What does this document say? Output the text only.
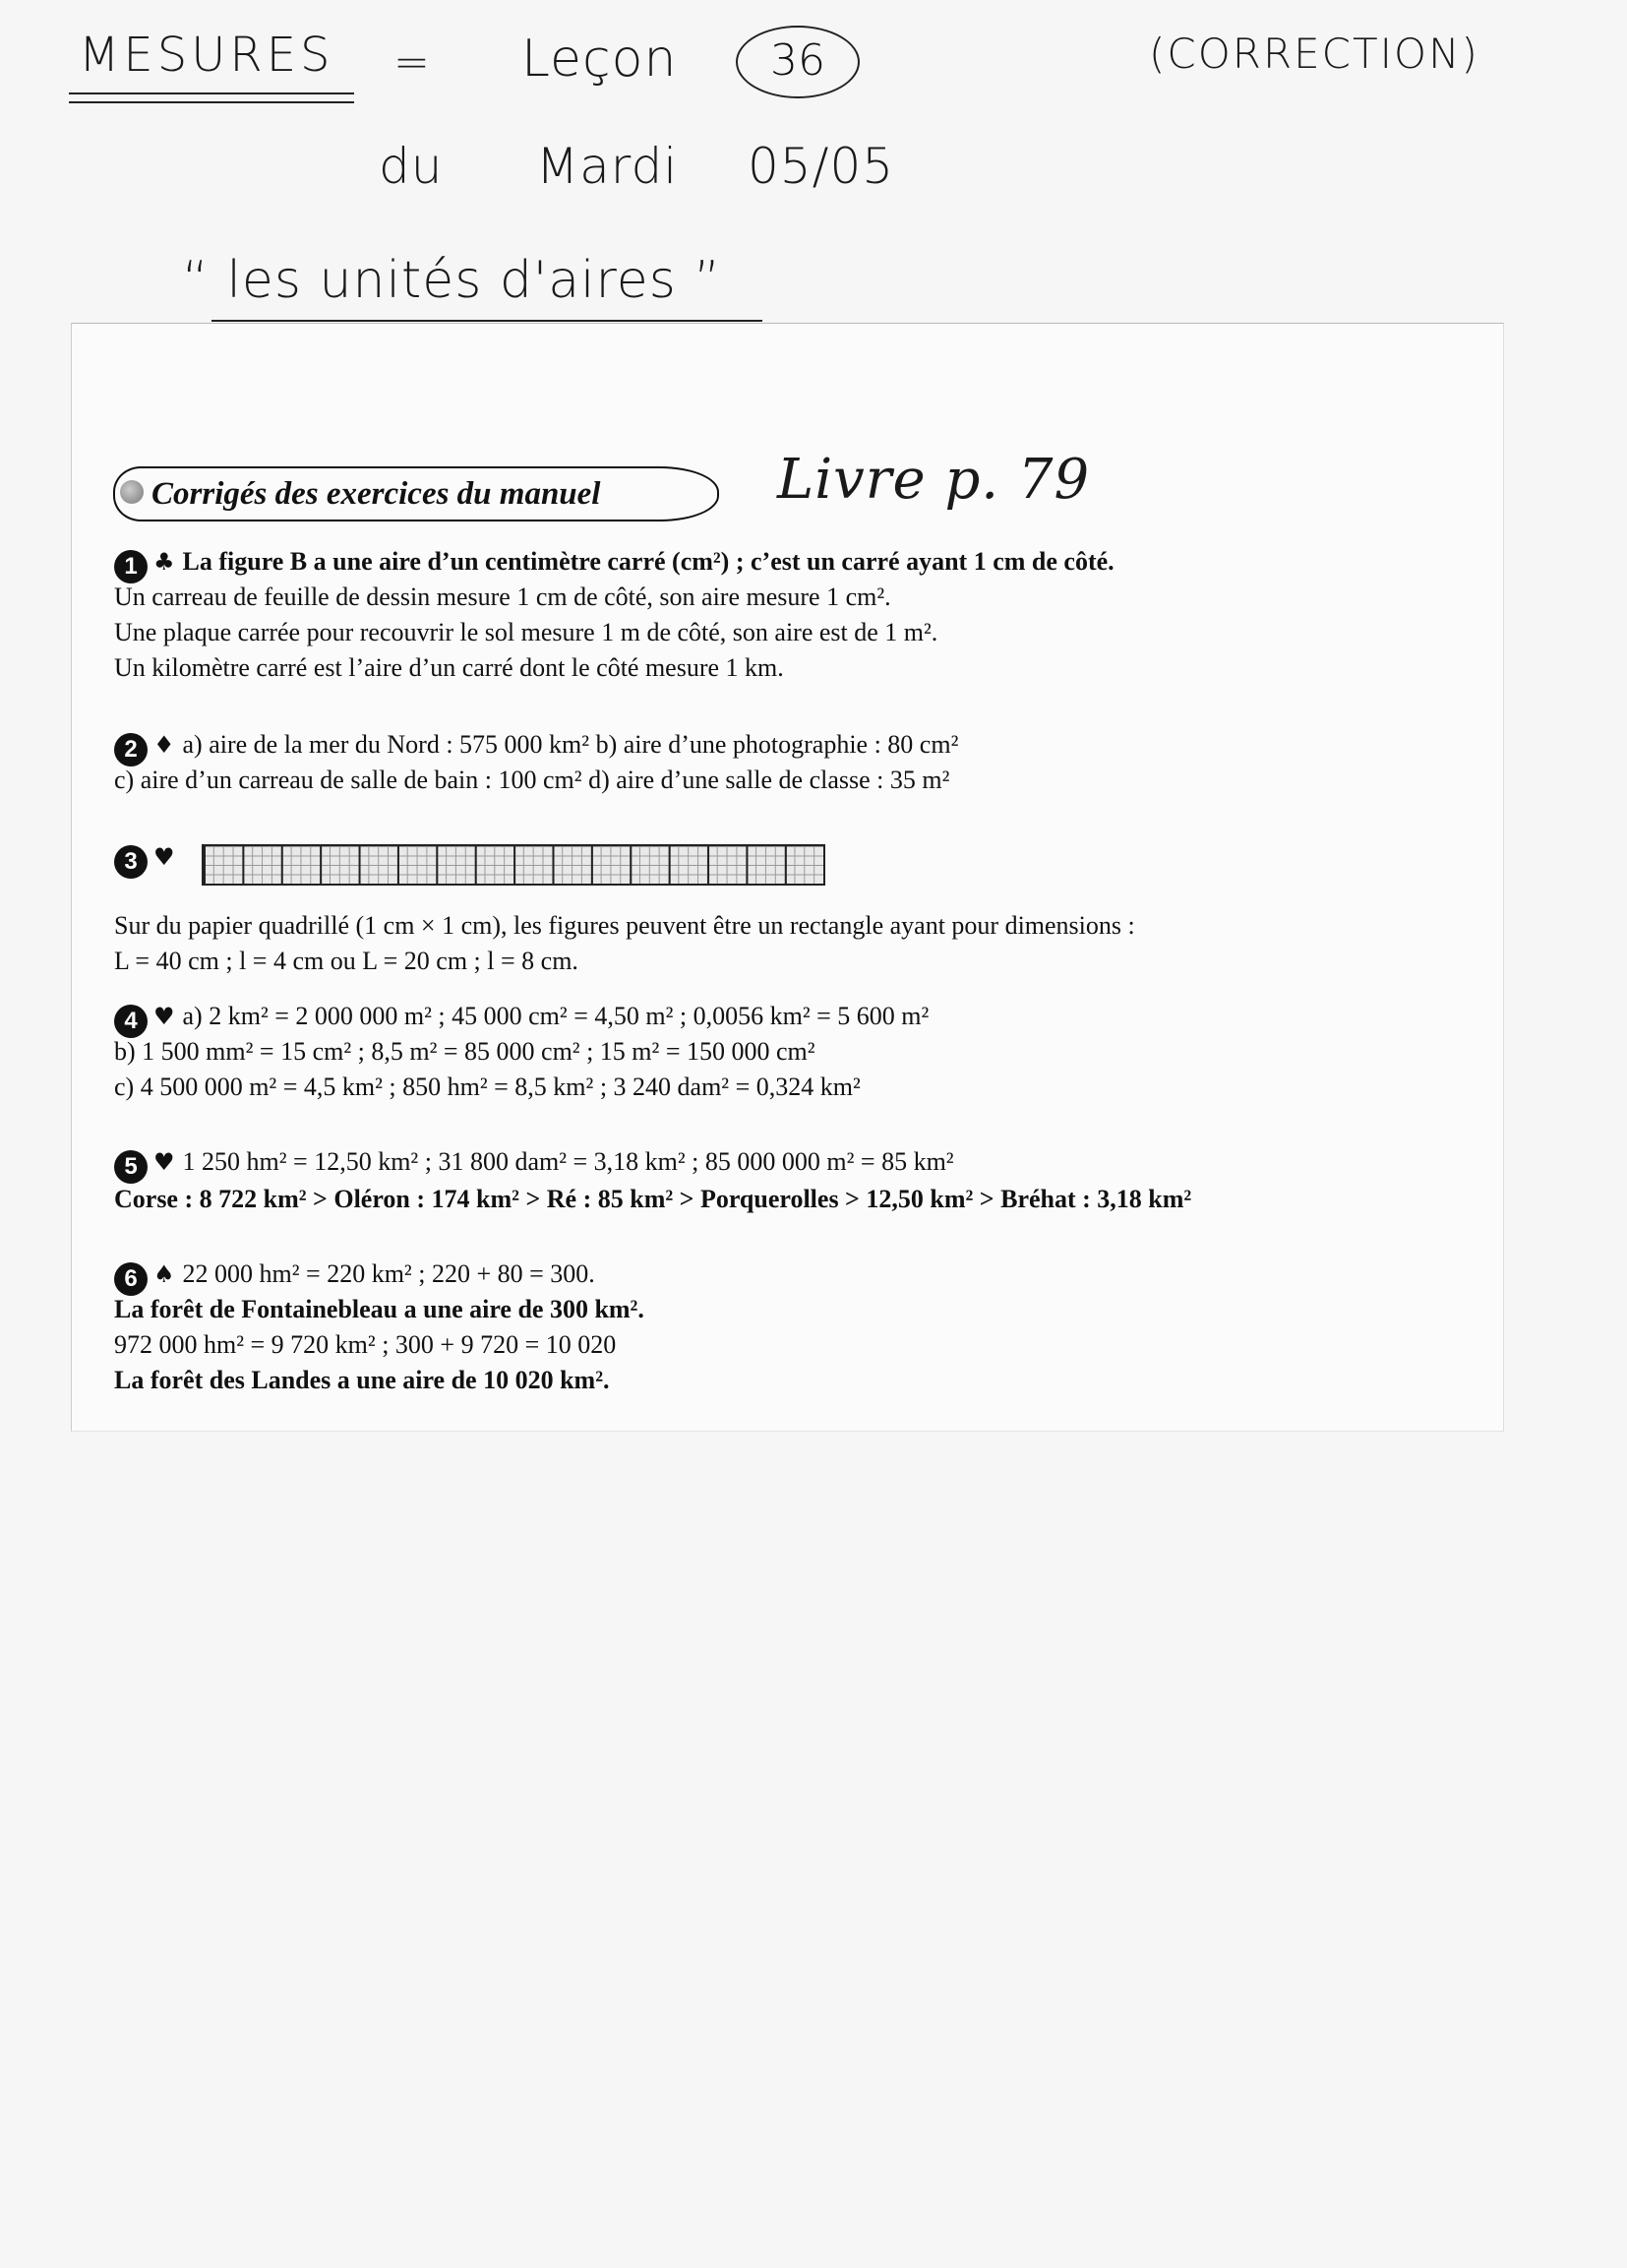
MESURES = Leçon	36	(CORRECTION)
du Mardi 05/05
“ les unités d'aires ”
Corrigés des exercices du manuel	Livre p. 79
1 ♣ La figure B a une aire d’un centimètre carré (cm²) ; c’est un carré ayant 1 cm de côté.
Un carreau de feuille de dessin mesure 1 cm de côté, son aire mesure 1 cm².
Une plaque carrée pour recouvrir le sol mesure 1 m de côté, son aire est de 1 m².
Un kilomètre carré est l’aire d’un carré dont le côté mesure 1 km.
2 ♦ a) aire de la mer du Nord : 575 000 km² b) aire d’une photographie : 80 cm²
c) aire d’un carreau de salle de bain : 100 cm² d) aire d’une salle de classe : 35 m²
3 ♥
Sur du papier quadrillé (1 cm × 1 cm), les figures peuvent être un rectangle ayant pour dimensions :
L = 40 cm ; l = 4 cm ou L = 20 cm ; l = 8 cm.
4 ♥ a) 2 km² = 2 000 000 m² ; 45 000 cm² = 4,50 m² ; 0,0056 km² = 5 600 m²
b) 1 500 mm² = 15 cm² ; 8,5 m² = 85 000 cm² ; 15 m² = 150 000 cm²
c) 4 500 000 m² = 4,5 km² ; 850 hm² = 8,5 km² ; 3 240 dam² = 0,324 km²
5 ♥ 1 250 hm² = 12,50 km² ; 31 800 dam² = 3,18 km² ; 85 000 000 m² = 85 km²
Corse : 8 722 km² > Oléron : 174 km² > Ré : 85 km² > Porquerolles > 12,50 km² > Bréhat : 3,18 km²
6 ♠ 22 000 hm² = 220 km² ; 220 + 80 = 300.
La forêt de Fontainebleau a une aire de 300 km².
972 000 hm² = 9 720 km² ; 300 + 9 720 = 10 020
La forêt des Landes a une aire de 10 020 km².
